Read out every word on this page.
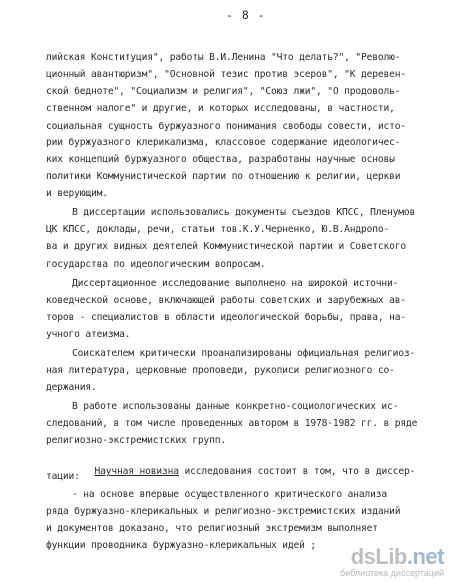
- 8 -
лийская Конституция", работы В.И.Ленина "Что делать?", "Револю-
ционный авантюризм", "Основной тезис против эсеров", "К деревен-
ской бедноте", "Социализм и религия", "Союз лжи", "О продоволь-
ственном налоге" и другие, и которых исследованы, в частности,
социальная сущность буржуазного понимания свободы совести, исто-
рии буржуазного клерикализма, классовое содержание идеологичес-
ких концепций буржуазного общества, разработаны научные основы
политики Коммунистической партии по отношению к религии, церкви
и верующим.
В диссертации использовались документы съездов КПСС, Пленумов
ЦК КПСС, доклады, речи, статьи тов.К.У.Черненко, Ю.В.Андропо-
ва и других видных деятелей Коммунистической партии и Советского
государства по идеологическим вопросам.
Диссертационное исследование выполнено на широкой источни-
коведческой основе, включающей работы советских и зарубежных ав-
торов - специалистов в области идеологической борьбы, права, на-
учного атеизма.
Соискателем критически проанализированы официальная религиоз-
ная литература, церковные проповеди, рукописи религиозного со-
держания.
В работе использованы данные конкретно-социологических ис-
следований, в том числе проведенных автором в 1978-1982 гг. в рядe
религиозно-экстремистских групп.

Научная новизна исследования состоит в том, что в диссер-

тации:
- на основе впервые осуществленного критического анализа
ряда буржуазно-клерикальных и религиозно-экстремистских изданий
и документов доказано, что религиозный экстремизм выполняет
функции проводника буржуазно-клерикальных идей ; dsLib.net
библиотека диссертаций
